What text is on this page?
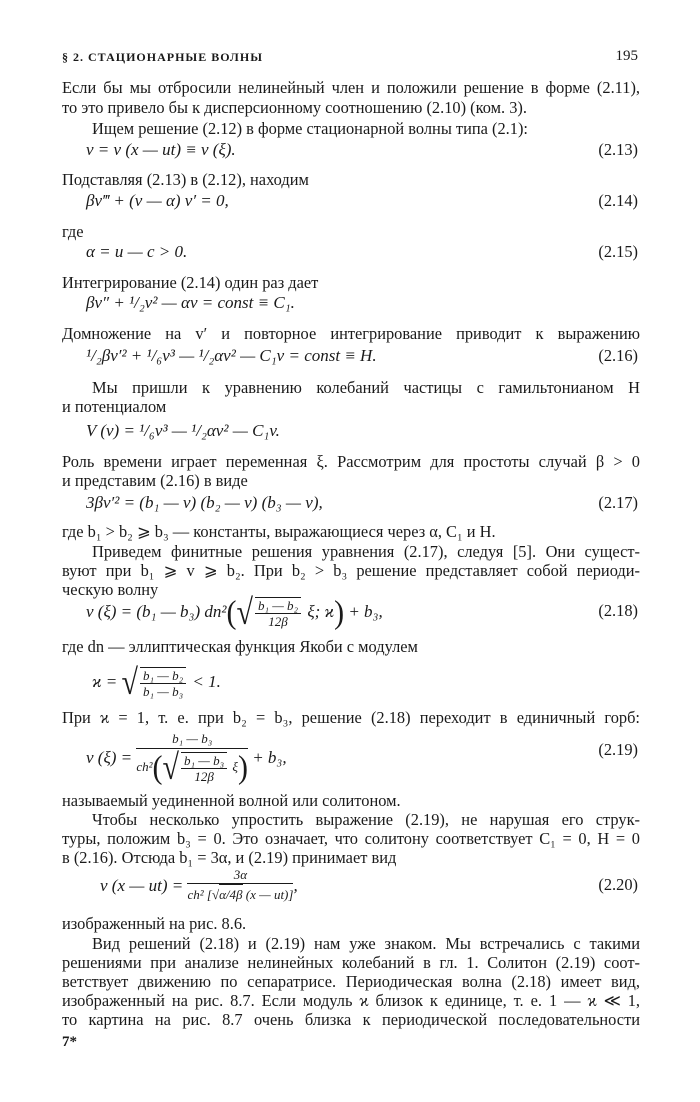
§ 2. СТАЦИОНАРНЫЕ ВОЛНЫ	195
Если бы мы отбросили нелинейный член и положили решение в форме (2.11),
то это привело бы к дисперсионному соотношению (2.10) (ком. 3).
Ищем решение (2.12) в форме стационарной волны типа (2.1):
v = v (x — ut) ≡ v (ξ).	(2.13)
Подставляя (2.13) в (2.12), находим
βv‴ + (v — α) v′ = 0,	(2.14)
где
α = u — c > 0.	(2.15)
Интегрирование (2.14) один раз дает
βv″ + ¹/₂v² — αv = const ≡ C₁.
Домножение на v′ и повторное интегрирование приводит к выражению
¹/₂βv′² + ¹/₆v³ — ¹/₂αv² — C₁v = const ≡ H.	(2.16)
Мы пришли к уравнению колебаний частицы с гамильтонианом H
и потенциалом
V (v) = ¹/₆v³ — ¹/₂αv² — C₁v.
Роль времени играет переменная ξ. Рассмотрим для простоты случай β > 0
и представим (2.16) в виде
3βv′² = (b₁ — v) (b₂ — v) (b₃ — v),	(2.17)
где b₁ > b₂ ⩾ b₃ — константы, выражающиеся через α, C₁ и H.
Приведем финитные решения уравнения (2.17), следуя [5]. Они сущест-
вуют при b₁ ⩾ v ⩾ b₂. При b₂ > b₃ решение представляет собой периоди-
ческую волну
v (ξ) = (b₁ — b₃) $dn^2(√ \frac{\text{b₁ — b₂}}{12\beta} \xi$; ϰ) + b₃,	(2.18)
где dn — эллиптическая функция Якоби с модулем
ϰ = √ $\frac{\text{b₁ — b₂}}{\text{b₁ — b₃}} < 1$.
При ϰ = 1, т. е. при b₂ = b₃, решение (2.18) переходит в единичный горб:
v $(\xi) = \frac{\text{b₁ — b₃}}{ch^2(√ \frac{\text{b₁ — b₃}}{12\beta} \xi)} + b_3$,	(2.19)
называемый уединенной волной или солитоном.
Чтобы несколько упростить выражение (2.19), не нарушая его струк-
туры, положим b₃ = 0. Это означает, что солитону соответствует C₁ = 0, H = 0
в (2.16). Отсюда b₁ = 3α, и (2.19) принимает вид
v (x — $ut) = \frac{3\alpha}{\text{ch² [√α/4β (x — ut)]}}$ ,	(2.20)
изображенный на рис. 8.6.
Вид решений (2.18) и (2.19) нам уже знаком. Мы встречались с такими
решениями при анализе нелинейных колебаний в гл. 1. Солитон (2.19) соот-
ветствует движению по сепаратрисе. Периодическая волна (2.18) имеет вид,
изображенный на рис. 8.7. Если модуль ϰ близок к единице, т. е. 1 — ϰ ≪ 1,
то картина на рис. 8.7 очень близка к периодической последовательности
7*
